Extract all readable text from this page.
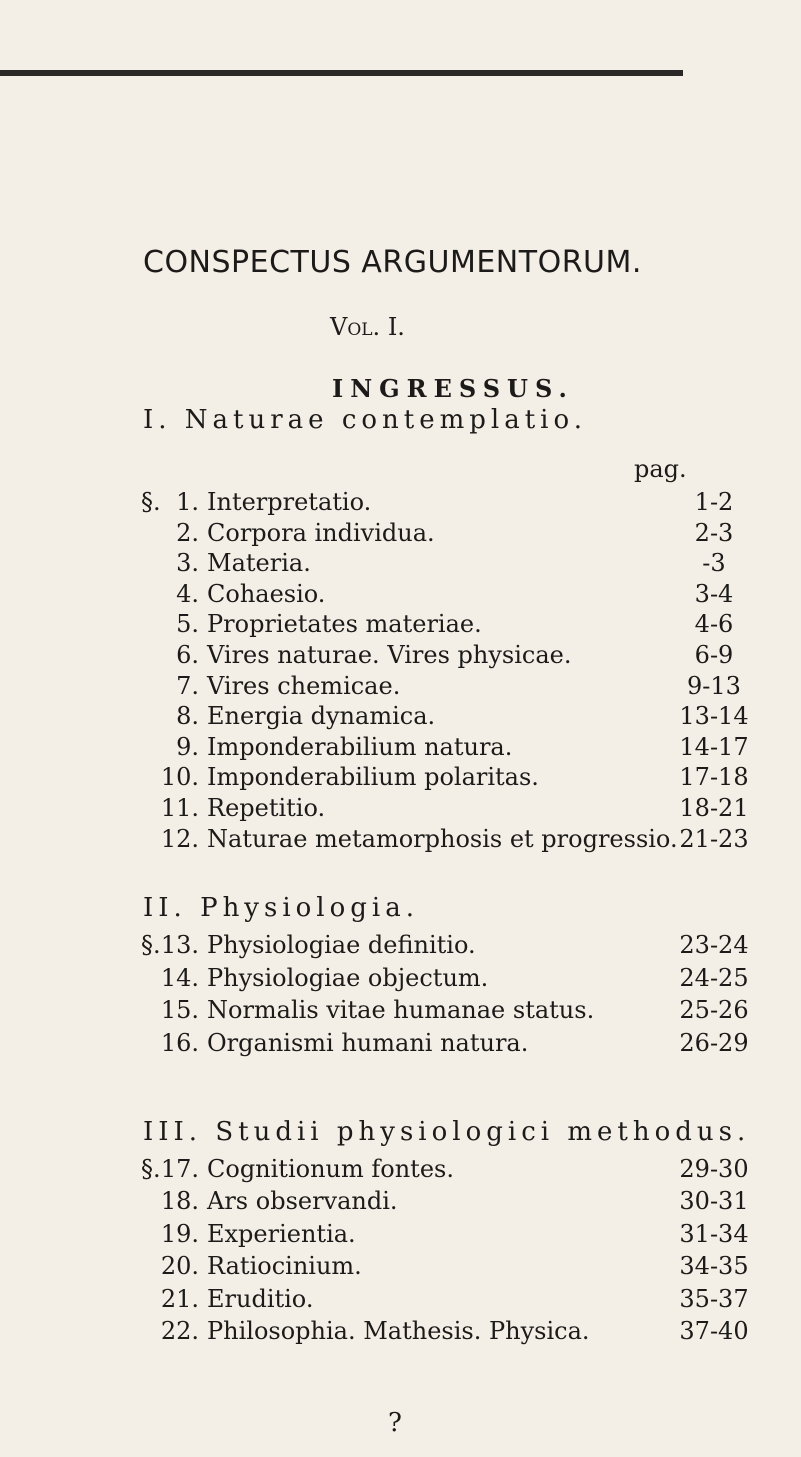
CONSPECTUS ARGUMENTORUM.
Vol. I.
INGRESSUS.
pag.
I. Naturae contemplatio.
§. 1. Interpretatio.	1-2
2. Corpora individua.	2-3
3. Materia.	-3
4. Cohaesio.	3-4
5. Proprietates materiae.	4-6
6. Vires naturae. Vires physicae.	6-9
7. Vires chemicae.	9-13
8. Energia dynamica.	13-14
9. Imponderabilium natura.	14-17
10. Imponderabilium polaritas.	17-18
11. Repetitio.	18-21
12. Naturae metamorphosis et progressio. 21-23
II. Physiologia.
§. 13. Physiologiae definitio.	23-24
14. Physiologiae objectum.	24-25
15. Normalis vitae humanae status.	25-26
16. Organismi humani natura.	26-29
III. Studii physiologici methodus.
§. 17. Cognitionum fontes.	29-30
18. Ars observandi.	30-31
19. Experientia.	31-34
20. Ratiocinium.	34-35
21. Eruditio.	35-37
22. Philosophia. Mathesis. Physica.	37-40
?
